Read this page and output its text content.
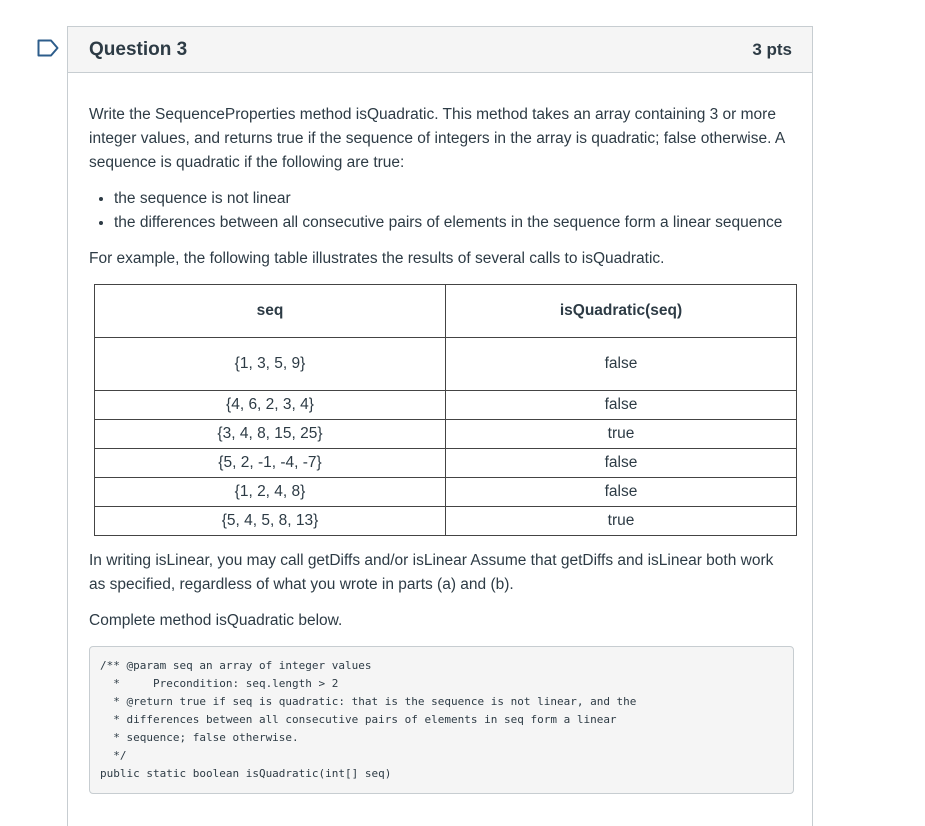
Question 3	3 pts

Write the SequenceProperties method isQuadratic. This method takes an array containing 3 or more integer values, and returns true if the sequence of integers in the array is quadratic; false otherwise. A sequence is quadratic if the following are true:

• the sequence is not linear
• the differences between all consecutive pairs of elements in the sequence form a linear sequence

For example, the following table illustrates the results of several calls to isQuadratic.

seq	isQuadratic(seq)
{1, 3, 5, 9}	false
{4, 6, 2, 3, 4}	false
{3, 4, 8, 15, 25}	true
{5, 2, -1, -4, -7}	false
{1, 2, 4, 8}	false
{5, 4, 5, 8, 13}	true

In writing isLinear, you may call getDiffs and/or isLinear Assume that getDiffs and isLinear both work as specified, regardless of what you wrote in parts (a) and (b).

Complete method isQuadratic below.

/** @param seq an array of integer values
*     Precondition: seq.length > 2
* @return true if seq is quadratic: that is the sequence is not linear, and the
* differences between all consecutive pairs of elements in seq form a linear
* sequence; false otherwise.
*/
public static boolean isQuadratic(int[] seq)
